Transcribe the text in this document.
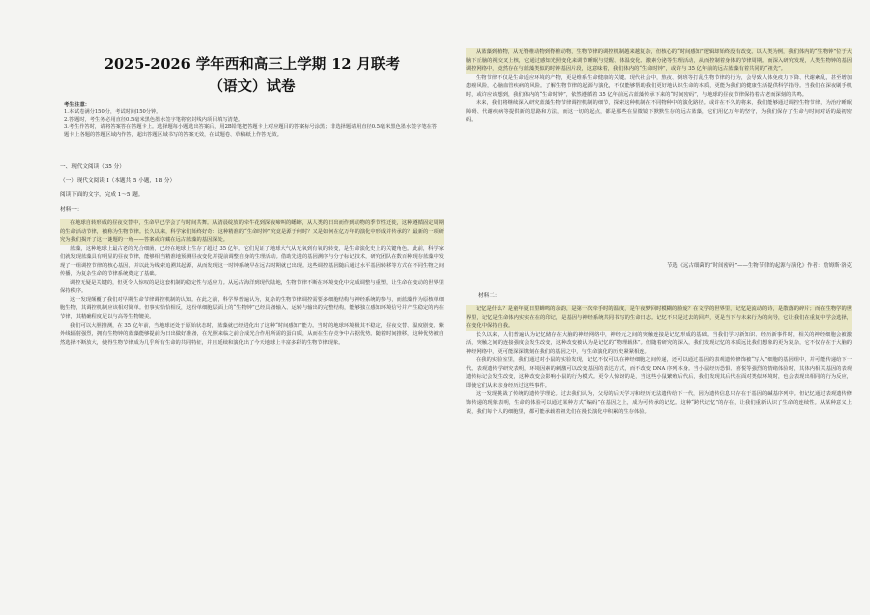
2025-2026 学年西和高三上学期 12 月联考
（语文）试卷
考生注意：
1.本试卷满分150分，考试时间150分钟。
2.答题时，考生务必用直径0.5毫米黑色墨水签字笔将密封线内项目填写清楚。
3.考生作答时，请将答案答在答题卡上。选择题每小题选出答案后，用2B铅笔把答题卡上对应题目的答案标号涂黑；非选择题请用直径0.5毫米黑色墨水签字笔在答题卡上各题的答题区域内作答，超出答题区域书写的答案无效，在试题卷、草稿纸上作答无效。
一、现代文阅读（35 分）
（一）现代文阅读 I（本题共 5 小题，18 分）
阅读下面的文字，完成 1～5 题。
材料一：

在地球自转形成的昼夜交替中，生命早已学会了与时间共舞。从清晨绽放的牵牛花到深夜啼叫的蟋蟀，从人类的日出而作到动物的季节性迁徙，这种遵循固定周期的生命活动节律，被称为生物节律。长久以来，科学家们始终好奇：这种精准的“生命时钟”究竟是源于何时？又是如何在亿万年的演化中形成并传承的？最新的一项研究为我们揭开了这一谜题的一角——答案或许藏在远古蓝藻的基因深处。

蓝藻，这种地球上最古老的光合细菌，已经在地球上生存了超过 35 亿年。它们见证了地球大气从无氧到有氧的转变，是生命演化史上的关键角色。此前，科学家们就发现蓝藻具有明显的昼夜节律，能够相当精准地预测昼夜变化并提前调整自身的生理活动。借助先进的基因测序与分子标记技术，研究团队在数百种现存蓝藻中发现了一组调控节律的核心基因，并以此为线索追溯其起源，从而发现这一时钟系统早在远古时期就已出现。这些调控基因随后通过水平基因转移等方式在不同生物之间传播，为复杂生命的节律系统奠定了基础。

调控无疑是关键的，但更令人惊叹的是这套机制的稳定性与适应力。从远古海洋到现代陆地，生物节律不断在环境变化中完成调整与重塑，让生命在变动的世界里保持秩序。

这一发现颠覆了我们对早期生命节律调控机制的认知。在此之前，科学界普遍认为，复杂的生物节律调控需要多细胞结构与神经系统的参与，而蓝藻作为原核单细胞生物，其调控机制应该相对简单。但事实恰恰相反，这份单细胞层面上的“生物钟”已经具备输入、运转与输出的完整结构，能够独立感知环境信号并产生稳定的内在节律，其精确程度足以与高等生物媲美。

我们可以大胆推测，在 35 亿年前，当地球还处于原始状态时，蓝藻就已经进化出了这种“时间感知”能力。当时的地球环境极其不稳定，昼夜交替、温度剧变、紫外线辐射强烈，拥有生物钟的蓝藻能够提前为日出做好准备，在光照来临之前合成光合作用所需的蛋白质，从而在生存竞争中占据优势。随着时间推移，这种优势被自然选择不断放大，使得生物节律成为几乎所有生命的共同特征，并且延续和演化出了今天地球上丰富多彩的生物节律现象。

从蓝藻到植物，从无脊椎动物到脊椎动物，生物节律的调控机制越来越复杂，但核心的“时间感知”逻辑却始终没有改变。以人类为例，我们体内的“生物钟”位于大脑下丘脑的视交叉上核，它通过感知光照变化来调节睡眠与觉醒、体温变化、激素分泌等生理活动，从而控制着身体的节律周期。而深入研究发现，人类生物钟的基因调控网络中，竟然存在与蓝藻类似的时钟基因片段，这意味着，我们体内的“生命时钟”，或许与 35 亿年前的远古蓝藻有着共同的“祖先”。

生物节律不仅是生命适应环境的产物，更是维系生命健康的关键。现代社会中，熬夜、倒班等打乱生物节律的行为，会导致人体免疫力下降、代谢紊乱，甚至增加患癌风险，心脑血管疾病的风险。了解生物节律的起源与演化，不仅能够帮助我们更好地认识生命的本质，更能为我们的健康生活提供科学指导。当我们在深夜刷手机时，或许应该想到，我们体内的“生命时钟”，依然遵循着 35 亿年前远古蓝藻传承下来的“时间密码”，与地球的昼夜节律保持着古老而深刻的共鸣。

未来，我们将继续深入研究蓝藻生物节律调控机制的细节，探索这种机制在不同物种中的演化路径。或许在不久的将来，我们能够通过调控生物节律，为治疗睡眠障碍、代谢疾病等提供新的思路和方法，而这一切的起点，都是那些在显微镜下默默生存的远古蓝藻，它们用亿万年的坚守，为我们保存了生命与时间对话的最初密码。

节选《远古细菌的“时间密码”——生物节律的起源与演化》作者：詹姆斯·洛克
材料二：

记忆是什么？是童年夏日里蝉鸣的余韵，是第一次牵手时的温度，是午夜梦回时模糊的脸庞？在文学的世界里，记忆是流动的诗，是散落的碎片；而在生物学的世界里，记忆是生命体内实实在在的印记，是基因与神经系统共同书写的生命日志。记忆不只是过去的回声，更是当下与未来行为的向导，它让我们在重复中学会选择，在变化中保持自我。

长久以来，人们普遍认为记忆储存在大脑的神经网络中，神经元之间的突触连接是记忆形成的基础。当我们学习新知识、经历新事件时，相关的神经细胞会被激活，突触之间的连接强度会发生改变，这种改变被认为是记忆的“物理载体”。但随着研究的深入，我们发现记忆的本质远比我们想象的更为复杂，它不仅存在于大脑的神经网络中，更可能深深镌刻在我们的基因之中，与生命演化的历史紧紧相连。

在我的实验室里，我们通过对小鼠的实验发现，记忆不仅可以在神经细胞之间传递，还可以通过基因的表观遗传修饰被“写入”细胞的基因组中，并可能传递给下一代。表观遗传学研究表明，环境因素的刺激可以改变基因的表达方式，而不改变 DNA 序列本身。当小鼠经历恐惧、喜悦等强烈的情绪体验时，其体内相关基因的表观遗传标记会发生改变，这种改变会影响小鼠的行为模式。更令人惊讶的是，当这些小鼠繁殖后代后，我们发现其后代在面对类似环境时，也会表现出相同的行为反应，即使它们从未亲身经历过这些事件。

这一发现挑战了传统的遗传学理论。过去我们认为，父母的后天学习和经历无法遗传给下一代，因为遗传信息只存在于基因的碱基序列中。但记忆通过表观遗传修饰传递的现象表明，生命的体验可以通过某种方式“编码”在基因之上，成为可传承的记忆。这种“跨代记忆”的存在，让我们重新认识了生命的连续性。从某种意义上说，我们每个人的细胞里，都可能承载着祖先们在漫长演化中积累的生存体验。
